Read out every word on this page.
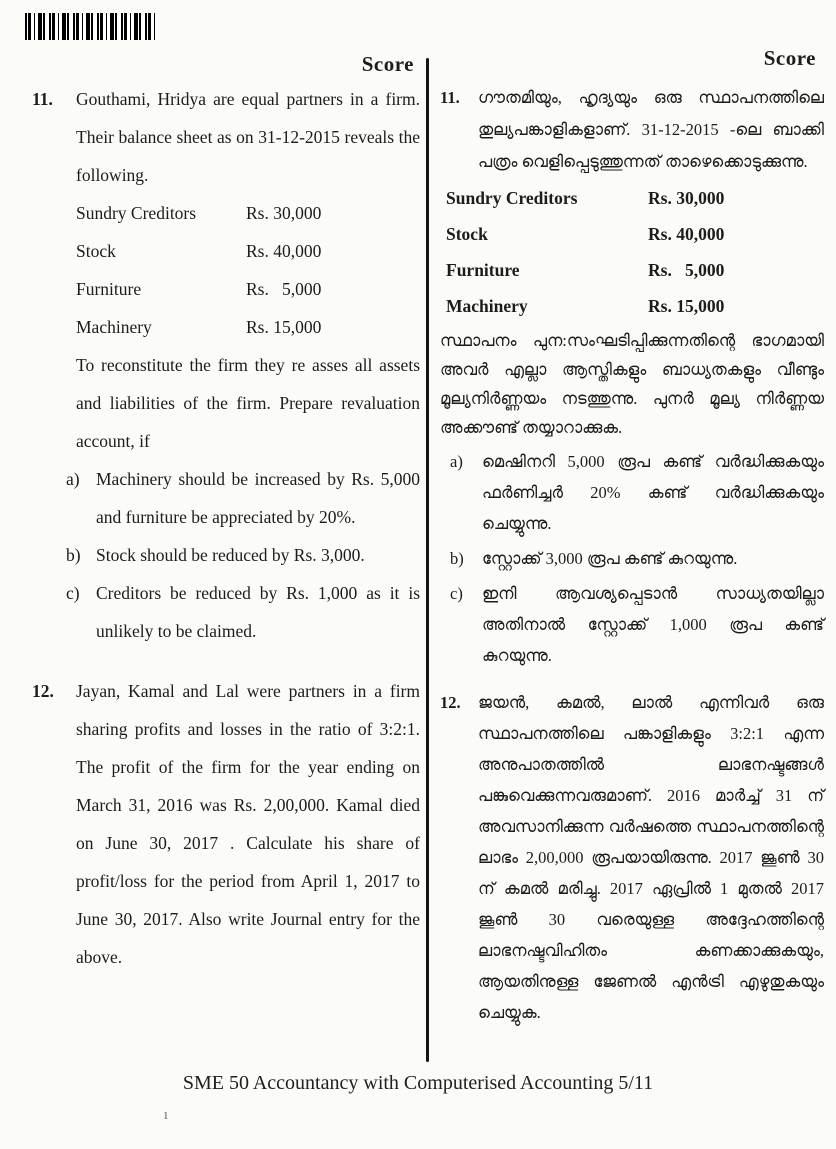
Score	Score
11.	Gouthami, Hridya are equal partners in a firm. Their balance sheet as on 31-12-2015 reveals the following.

Sundry Creditors	Rs. 30,000
Stock	Rs. 40,000
Furniture	Rs.   5,000
Machinery	Rs. 15,000

To reconstitute the firm they re asses all assets and liabilities of the firm. Prepare revaluation account, if

a) Machinery should be increased by Rs. 5,000 and furniture be appreciated by 20%.
b) Stock should be reduced by Rs. 3,000.
c) Creditors be reduced by Rs. 1,000 as it is unlikely to be claimed.
12.	Jayan, Kamal and Lal were partners in a firm sharing profits and losses in the ratio of 3:2:1. The profit of the firm for the year ending on March 31, 2016 was Rs. 2,00,000. Kamal died on June 30, 2017 . Calculate his share of profit/loss for the period from April 1, 2017 to June 30, 2017. Also write Journal entry for the above.

11.	ഗൗതമിയും, ഹൃദ്യയും ഒരു സ്ഥാപനത്തിലെ തുല്യപങ്കാളികളാണ്. 31-12-2015 -ലെ ബാക്കി പത്രം വെളിപ്പെടുത്തുന്നത് താഴെക്കൊടുക്കുന്നു.

Sundry Creditors	Rs. 30,000
Stock	Rs. 40,000
Furniture	Rs.   5,000
Machinery	Rs. 15,000

സ്ഥാപനം പുന:സംഘടിപ്പിക്കുന്നതിന്റെ ഭാഗമായി അവർ എല്ലാ ആസ്തികളും ബാധ്യതകളും വീണ്ടും മൂല്യനിർണ്ണയം നടത്തുന്നു. പുനർ മൂല്യ നിർണ്ണയ അക്കൗണ്ട് തയ്യാറാക്കുക.

a)	മെഷിനറി 5,000 രൂപ കണ്ട് വർദ്ധിക്കുകയും ഫർണിച്ചർ 20% കണ്ട് വർദ്ധിക്കുകയും ചെയ്യുന്നു.
b)	സ്റ്റോക്ക് 3,000 രൂപ കണ്ട് കുറയുന്നു.
c)	ഇനി ആവശ്യപ്പെടാൻ സാധ്യതയില്ലാ അതിനാൽ സ്റ്റോക്ക് 1,000 രൂപ കണ്ട് കുറയുന്നു.
12.	ജയൻ, കമൽ, ലാൽ എന്നിവർ ഒരു സ്ഥാപനത്തിലെ പങ്കാളികളും 3:2:1 എന്ന അനുപാതത്തിൽ ലാഭനഷ്ടങ്ങൾ പങ്കുവെക്കുന്നവരുമാണ്. 2016 മാർച്ച് 31 ന് അവസാനിക്കുന്ന വർഷത്തെ സ്ഥാപനത്തിന്റെ ലാഭം 2,00,000 രൂപയായിരുന്നു. 2017 ജൂൺ 30 ന് കമൽ മരിച്ചു. 2017 ഏപ്രിൽ 1 മുതൽ 2017 ജൂൺ 30 വരെയുള്ള അദ്ദേഹത്തിന്റെ ലാഭനഷ്ടവിഹിതം കണക്കാക്കുകയും, ആയതിനുള്ള ജേണൽ എൻട്രി എഴുതുകയും ചെയ്യുക.

SME 50 Accountancy with Computerised Accounting 5/11
1
